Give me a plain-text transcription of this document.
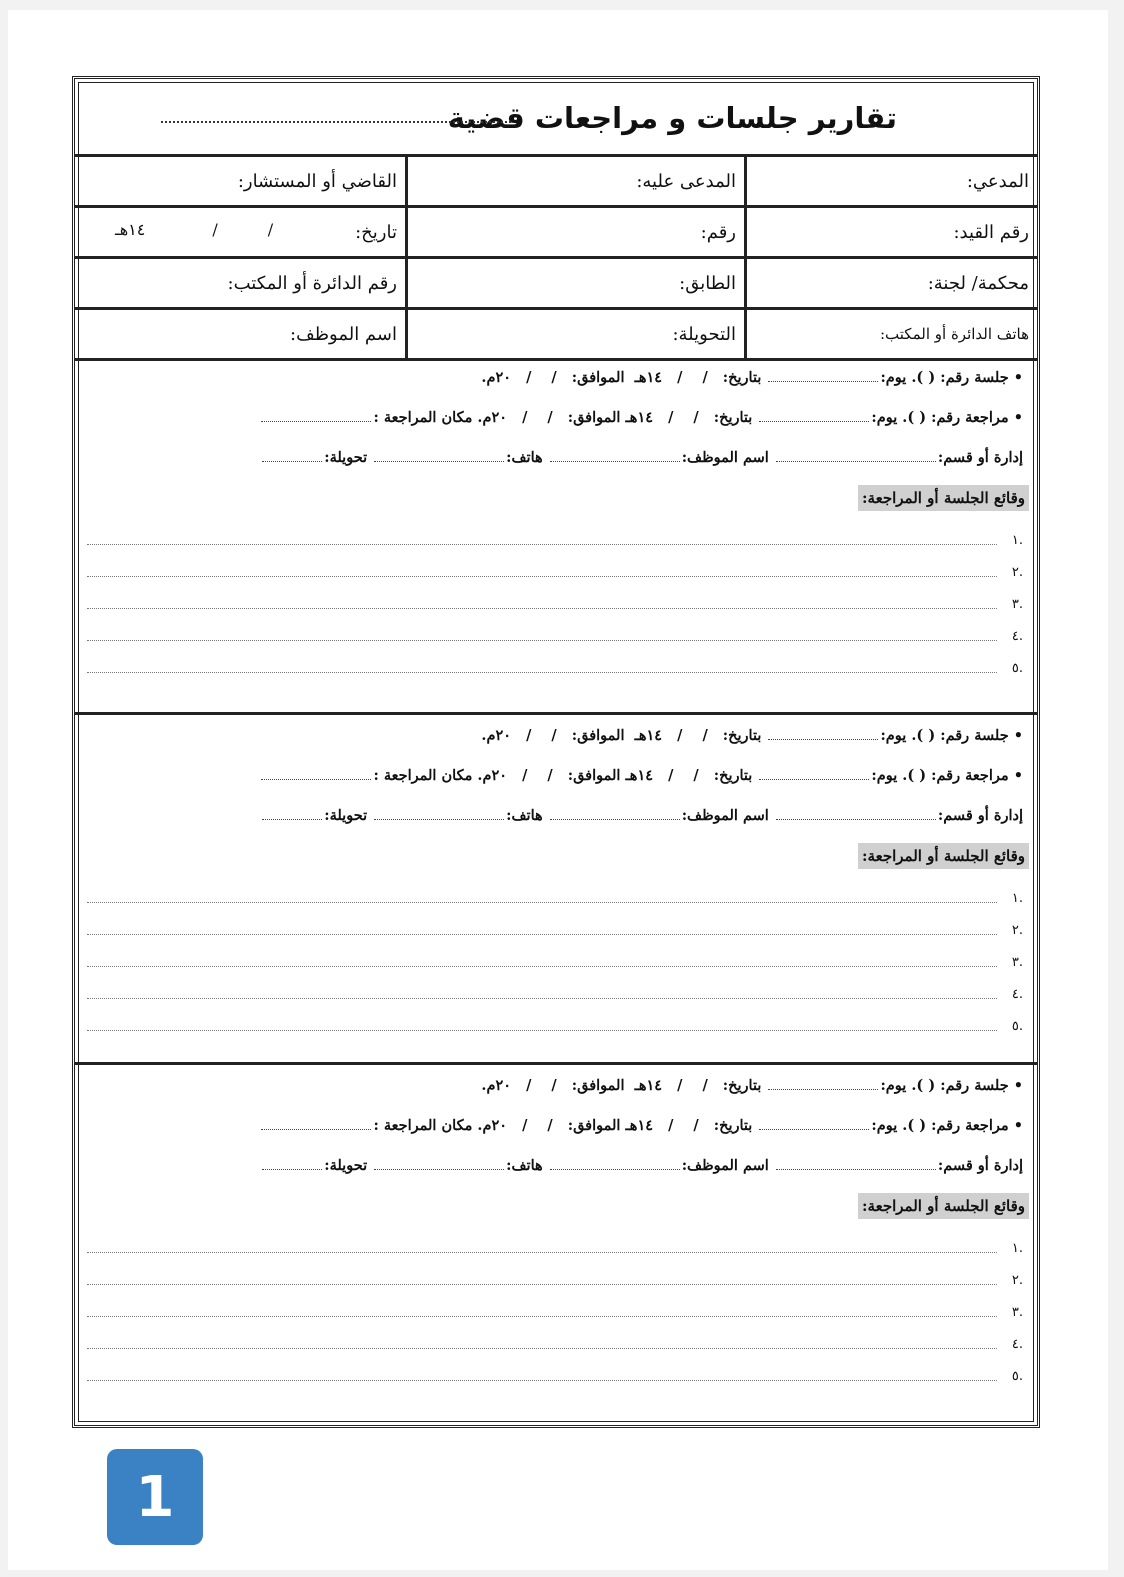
تقارير جلسات و مراجعات قضية
المدعي:	المدعى عليه:	القاضي أو المستشار:
رقم القيد:	رقم:	تاريخ:
١٤هـ / /

محكمة/ لجنة:	الطابق:	رقم الدائرة أو المكتب:
هاتف الدائرة أو المكتب:	التحويلة:	اسم الموظف:
• جلسة رقم: ( ). يوم: بتاريخ: // ١٤هـ  الموافق: // ٢٠م.
• مراجعة رقم: ( ). يوم: بتاريخ: // ١٤هـ الموافق: // ٢٠م. مكان المراجعة :
إدارة أو قسم: اسم الموظف: هاتف: تحويلة:
وقائع الجلسة أو المراجعة:
.١
.٢
.٣
.٤
.٥
• جلسة رقم: ( ). يوم: بتاريخ: // ١٤هـ  الموافق: // ٢٠م.
• مراجعة رقم: ( ). يوم: بتاريخ: // ١٤هـ الموافق: // ٢٠م. مكان المراجعة :
إدارة أو قسم: اسم الموظف: هاتف: تحويلة:
وقائع الجلسة أو المراجعة:
.١
.٢
.٣
.٤
.٥
• جلسة رقم: ( ). يوم: بتاريخ: // ١٤هـ  الموافق: // ٢٠م.
• مراجعة رقم: ( ). يوم: بتاريخ: // ١٤هـ الموافق: // ٢٠م. مكان المراجعة :
إدارة أو قسم: اسم الموظف: هاتف: تحويلة:
وقائع الجلسة أو المراجعة:
.١
.٢
.٣
.٤
.٥
1
